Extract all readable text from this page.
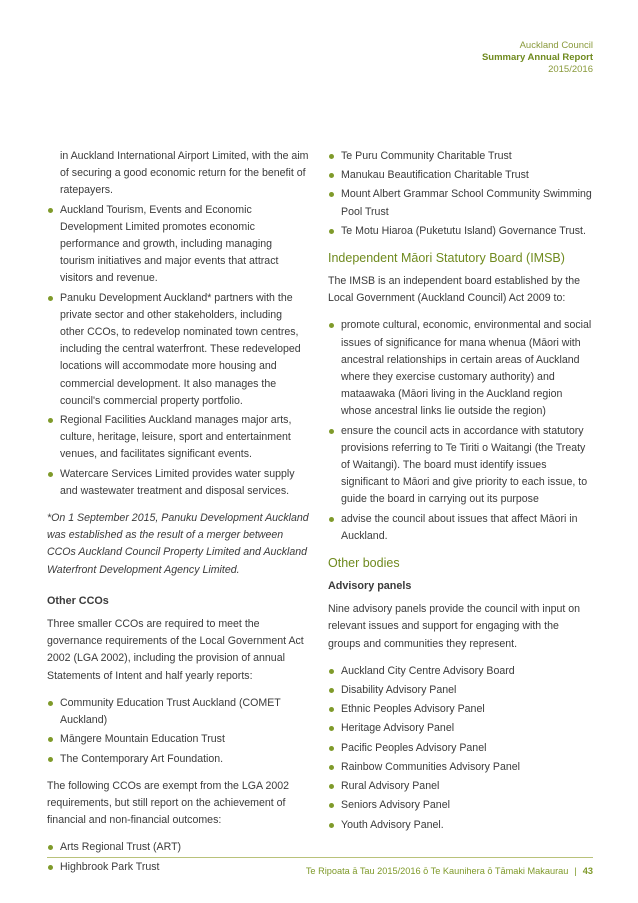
Auckland Council
Summary Annual Report
2015/2016
in Auckland International Airport Limited, with the aim of securing a good economic return for the benefit of ratepayers.
Auckland Tourism, Events and Economic Development Limited promotes economic performance and growth, including managing tourism initiatives and major events that attract visitors and revenue.
Panuku Development Auckland* partners with the private sector and other stakeholders, including other CCOs, to redevelop nominated town centres, including the central waterfront. These redeveloped locations will accommodate more housing and commercial development. It also manages the council's commercial property portfolio.
Regional Facilities Auckland manages major arts, culture, heritage, leisure, sport and entertainment venues, and facilitates significant events.
Watercare Services Limited provides water supply and wastewater treatment and disposal services.

*On 1 September 2015, Panuku Development Auckland was established as the result of a merger between CCOs Auckland Council Property Limited and Auckland Waterfront Development Agency Limited.

Other CCOs

Three smaller CCOs are required to meet the governance requirements of the Local Government Act 2002 (LGA 2002), including the provision of annual Statements of Intent and half yearly reports:

Community Education Trust Auckland (COMET Auckland)
Māngere Mountain Education Trust
The Contemporary Art Foundation.

The following CCOs are exempt from the LGA 2002 requirements, but still report on the achievement of financial and non-financial outcomes:

Arts Regional Trust (ART)
Highbrook Park Trust
Te Puru Community Charitable Trust
Manukau Beautification Charitable Trust
Mount Albert Grammar School Community Swimming Pool Trust
Te Motu Hiaroa (Puketutu Island) Governance Trust.
Independent Māori Statutory Board (IMSB)

The IMSB is an independent board established by the Local Government (Auckland Council) Act 2009 to:

promote cultural, economic, environmental and social issues of significance for mana whenua (Māori with ancestral relationships in certain areas of Auckland where they exercise customary authority) and mataawaka (Māori living in the Auckland region whose ancestral links lie outside the region)
ensure the council acts in accordance with statutory provisions referring to Te Tiriti o Waitangi (the Treaty of Waitangi). The board must identify issues significant to Māori and give priority to each issue, to guide the board in carrying out its purpose
advise the council about issues that affect Māori in Auckland.
Other bodies
Advisory panels

Nine advisory panels provide the council with input on relevant issues and support for engaging with the groups and communities they represent.

Auckland City Centre Advisory Board
Disability Advisory Panel
Ethnic Peoples Advisory Panel
Heritage Advisory Panel
Pacific Peoples Advisory Panel
Rainbow Communities Advisory Panel
Rural Advisory Panel
Seniors Advisory Panel
Youth Advisory Panel.
Te Ripoata ā Tau 2015/2016 ō Te Kaunihera ō Tāmaki Makaurau | 43
